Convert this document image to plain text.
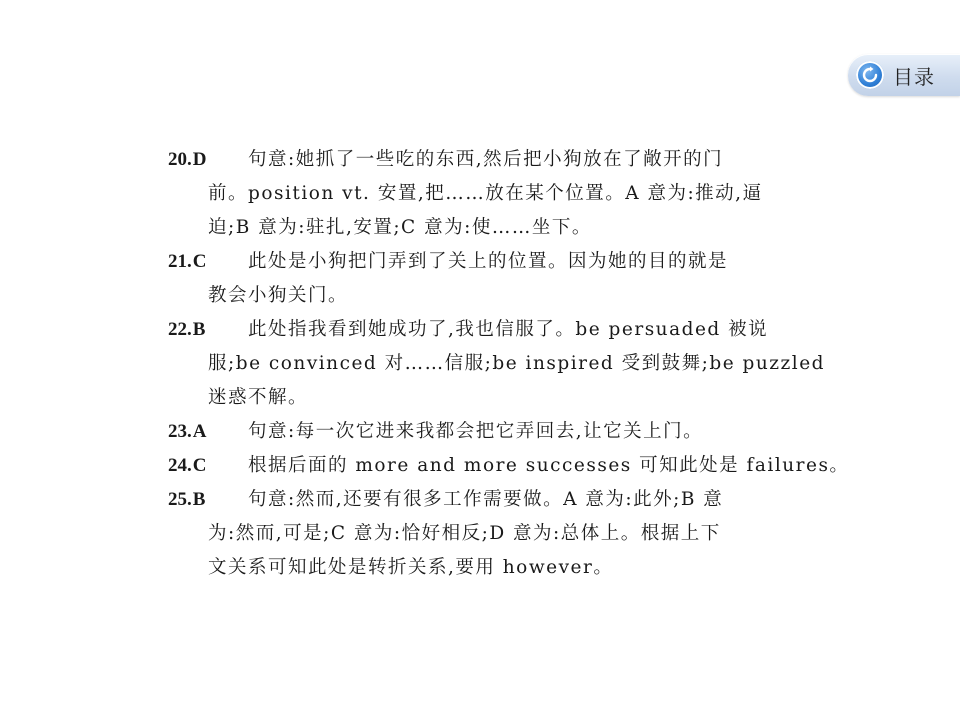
目录
20.D	句意:她抓了一些吃的东西,然后把小狗放在了敞开的门
前。position vt. 安置,把……放在某个位置。A 意为:推动,逼
迫;B 意为:驻扎,安置;C 意为:使……坐下。
21.C	此处是小狗把门弄到了关上的位置。因为她的目的就是
教会小狗关门。
22.B	此处指我看到她成功了,我也信服了。be persuaded 被说
服;be convinced 对……信服;be inspired 受到鼓舞;be puzzled
迷惑不解。
23.A	句意:每一次它进来我都会把它弄回去,让它关上门。
24.C	根据后面的 more and more successes 可知此处是 failures。
25.B	句意:然而,还要有很多工作需要做。A 意为:此外;B 意
为:然而,可是;C 意为:恰好相反;D 意为:总体上。根据上下
文关系可知此处是转折关系,要用 however。
